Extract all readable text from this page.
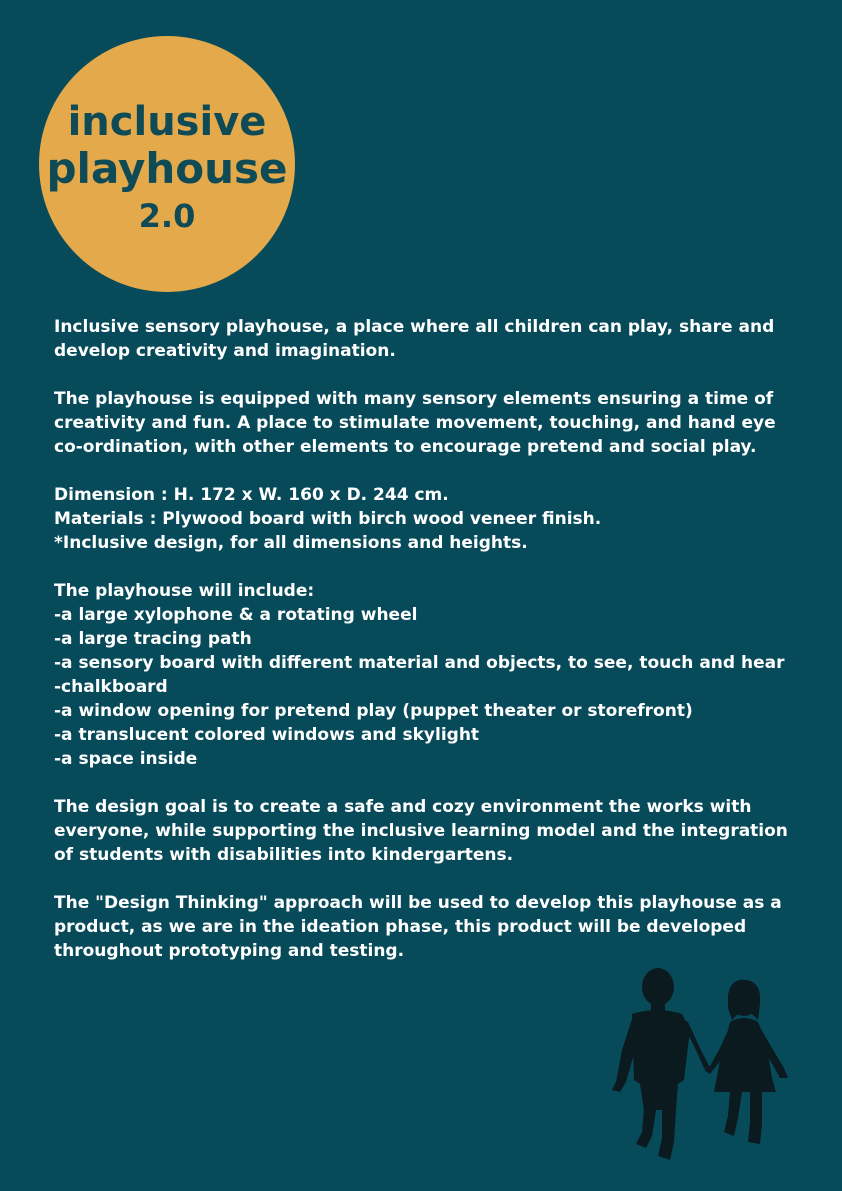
inclusive
playhouse
2.0
Inclusive sensory playhouse, a place where all children can play, share and
develop creativity and imagination.
The playhouse is equipped with many sensory elements ensuring a time of
creativity and fun. A place to stimulate movement, touching, and hand eye
co-ordination, with other elements to encourage pretend and social play.
Dimension : H. 172 x W. 160 x D. 244 cm.
Materials : Plywood board with birch wood veneer finish.
*Inclusive design, for all dimensions and heights.
The playhouse will include:
-a large xylophone & a rotating wheel
-a large tracing path
-a sensory board with different material and objects, to see, touch and hear
-chalkboard
-a window opening for pretend play (puppet theater or storefront)
-a translucent colored windows and skylight
-a space inside
The design goal is to create a safe and cozy environment the works with
everyone, while supporting the inclusive learning model and the integration
of students with disabilities into kindergartens.
The "Design Thinking" approach will be used to develop this playhouse as a
product, as we are in the ideation phase, this product will be developed
throughout prototyping and testing.
